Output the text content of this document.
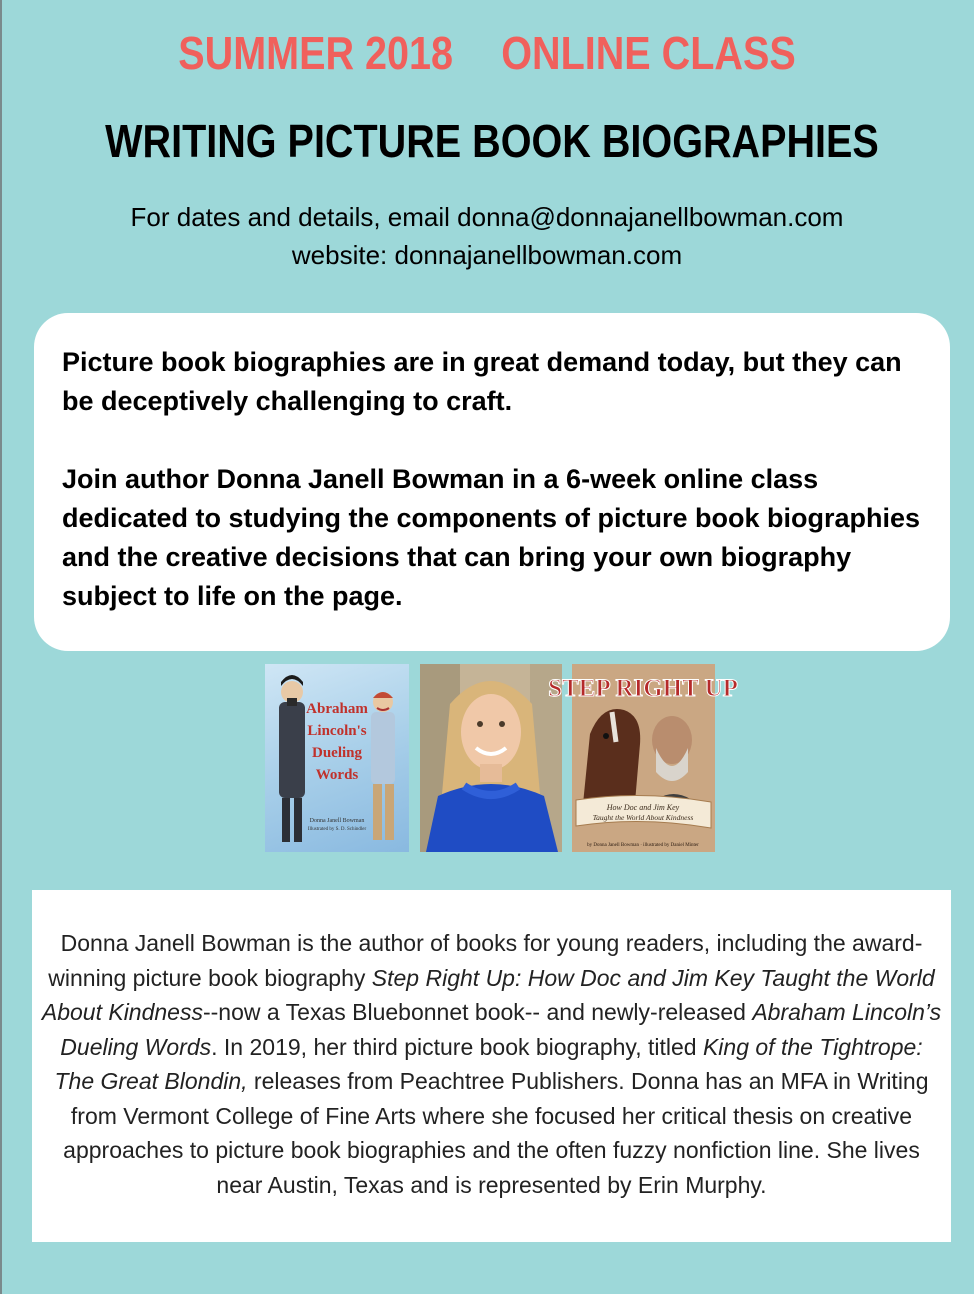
SUMMER 2018 ONLINE CLASS
WRITING PICTURE BOOK BIOGRAPHIES
For dates and details, email donna@donnajanellbowman.com
website: donnajanellbowman.com

Picture book biographies are in great demand today, but they can be deceptively challenging to craft.

Join author Donna Janell Bowman in a 6-week online class dedicated to studying the components of picture book biographies and the creative decisions that can bring your own biography subject to life on the page.

Abraham
Lincoln's
Dueling
Words
Donna Janell Bowman
Illustrated by S. D. Schindler
STEP RIGHT UP
How Doc and Jim Key
Taught the World About Kindness
by Donna Janell Bowman · illustrated by Daniel Minter
Donna Janell Bowman is the author of books for young readers, including the award-winning picture book biography Step Right Up: How Doc and Jim Key Taught the World About Kindness--now a Texas Bluebonnet book-- and newly-released Abraham Lincoln’s Dueling Words. In 2019, her third picture book biography, titled King of the Tightrope: The Great Blondin, releases from Peachtree Publishers. Donna has an MFA in Writing from Vermont College of Fine Arts where she focused her critical thesis on creative approaches to picture book biographies and the often fuzzy nonfiction line. She lives near Austin, Texas and is represented by Erin Murphy.
